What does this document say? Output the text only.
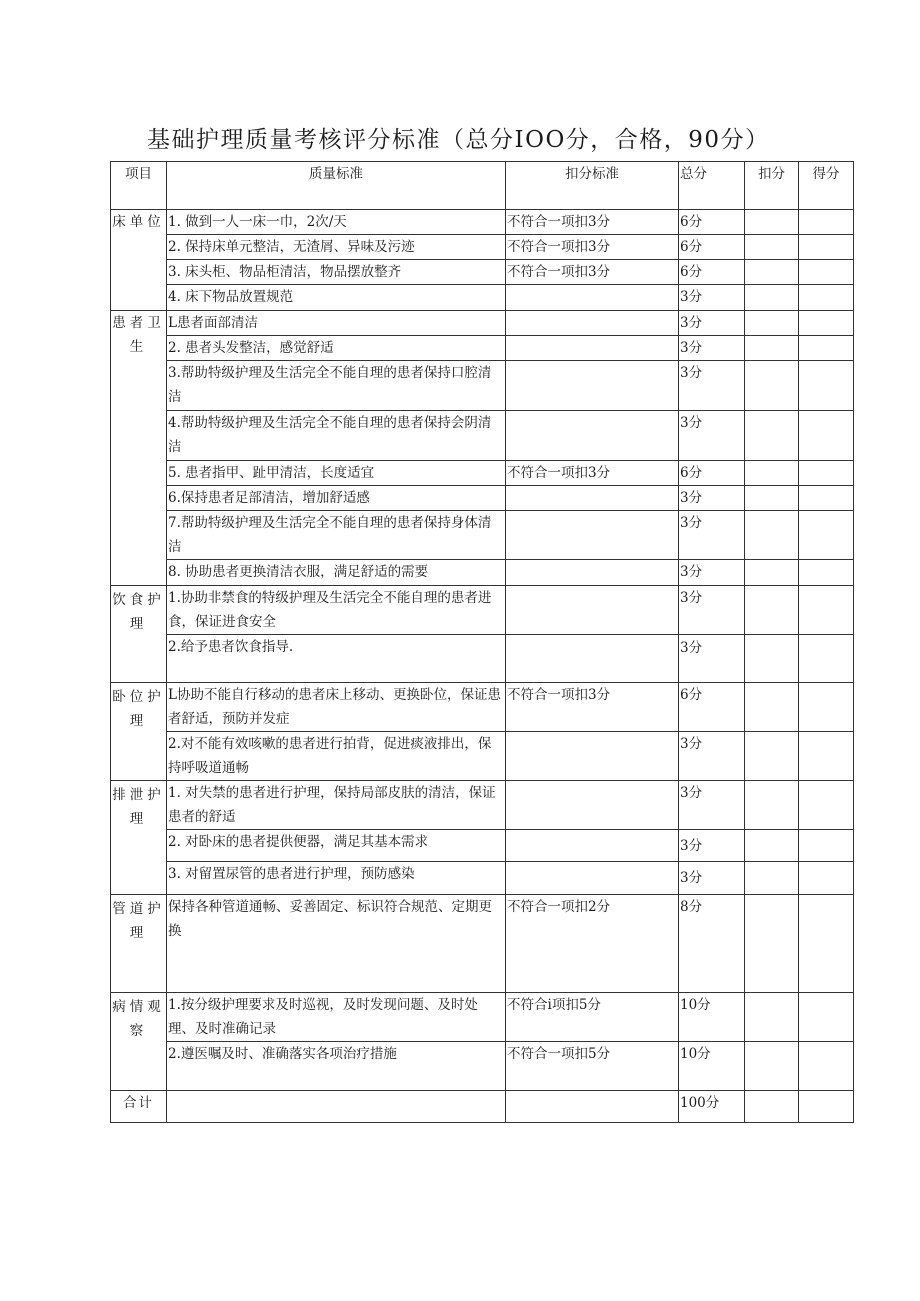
基础护理质量考核评分标准（总分IOO分，合格，90分）
项目	质量标准	扣分标准	总分	扣分	得分
床单位	1. 做到一人一床一巾，2次/天	不符合一项扣3分	6分		
	2. 保持床单元整洁，无渣屑、异味及污迹	不符合一项扣3分	6分		
	3. 床头柜、物品柜清洁，物品摆放整齐	不符合一项扣3分	6分		
	4. 床下物品放置规范		3分		
患者卫生	L患者面部清洁		3分		
	2. 患者头发整洁，感觉舒适		3分		
	3.帮助特级护理及生活完全不能自理的患者保持口腔清洁		3分		
	4.帮助特级护理及生活完全不能自理的患者保持会阴清洁		3分		
	5. 患者指甲、趾甲清洁，长度适宜	不符合一项扣3分	6分		
	6.保持患者足部清洁，增加舒适感		3分		
	7.帮助特级护理及生活完全不能自理的患者保持身体清洁		3分		
	8. 协助患者更换清洁衣服，满足舒适的需要		3分		
饮食护理	1.协助非禁食的特级护理及生活完全不能自理的患者进食，保证进食安全		3分		
	2.给予患者饮食指导.		3分		
卧位护理	L协助不能自行移动的患者床上移动、更换卧位，保证患者舒适，预防并发症	不符合一项扣3分	6分		
	2.对不能有效咳嗽的患者进行拍背，促进痰液排出，保持呼吸道通畅		3分		
排泄护理	1. 对失禁的患者进行护理，保持局部皮肤的清洁，保证患者的舒适		3分		
	2. 对卧床的患者提供便器，满足其基本需求		3分		
	3. 对留置尿管的患者进行护理，预防感染		3分		
管道护理	保持各种管道通畅、妥善固定、标识符合规范、定期更换	不符合一项扣2分	8分		
病情观察	1.按分级护理要求及时巡视，及时发现问题、及时处理、及时准确记录	不符合i项扣5分	10分		
	2.遵医嘱及时、准确落实各项治疗措施	不符合一项扣5分	10分		
合计			100分		
